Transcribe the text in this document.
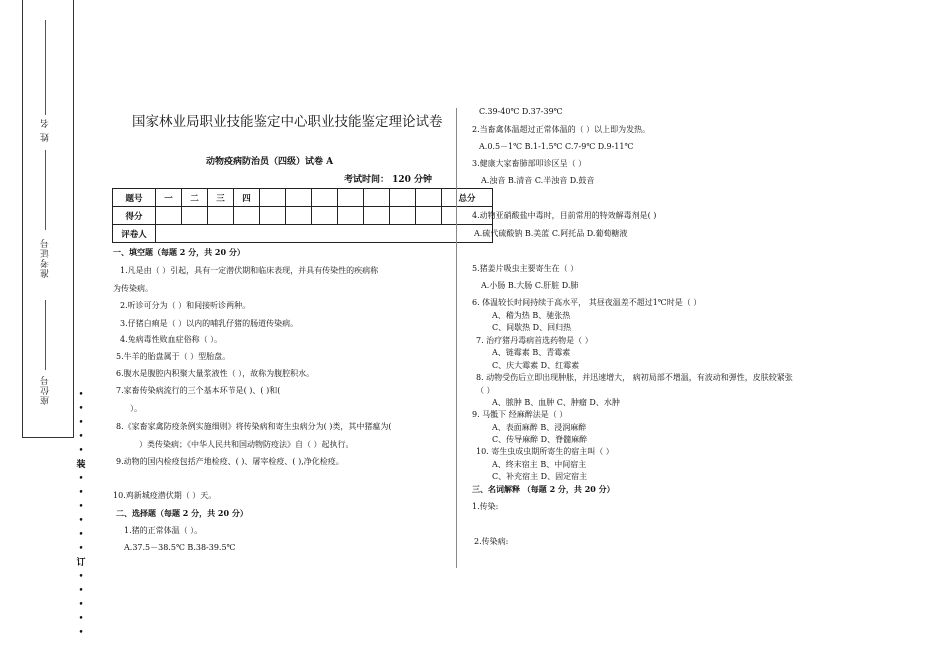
姓 名
准考证号
座位号	•
•
•
•
•
装
•
•
•
•
•
•
订
•
•
•
•
•
国家林业局职业技能鉴定中心职业技能鉴定理论试卷
动物疫病防治员（四级）试卷 A
考试时间： 120 分钟
题号	一	二	三	四								总分
得分												
评卷人												
一、填空题（每题 2 分，共 20 分）
1.凡是由（ ）引起，具有一定潜伏期和临床表现，并具有传染性的疾病称
为传染病。
2.听诊可分为（ ）和间接听诊两种。
3.仔猪白痢是（ ）以内的哺乳仔猪的肠道传染病。
4.兔病毒性败血症俗称（ ）。
5.牛羊的胎盘属于（ ）型胎盘。
6.腹水是腹腔内积聚大量浆液性（ ），故称为腹腔积水。
7.家畜传染病流行的三个基本环节是( )、( )和(
）。
8.《家畜家禽防疫条例实施细则》将传染病和寄生虫病分为( )类，其中猪瘟为(
）类传染病；《中华人民共和国动物防疫法》自（ ）起执行。
9.动物的国内检疫包括产地检疫、( )、屠宰检疫、( ),净化检疫。
10.鸡新城疫潜伏期（ ）天。
二、选择题（每题 2 分，共 20 分）
1.猪的正常体温（ ）。
A.37.5－38.5℃ B.38-39.5℃
C.39-40℃ D.37-39℃
2.当畜禽体温超过正常体温的（ ）以上即为发热。
A.0.5－1℃ B.1-1.5℃ C.7-9℃ D.9-11℃
3.健康大家畜肺部叩诊区呈（ ）
A.浊音 B.清音 C.半浊音 D.鼓音
4.动物亚硝酸盐中毒时，目前常用的特效解毒剂是( )
A.硫代硫酸钠 B.美蓝 C.阿托品 D.葡萄糖液
5.猪姜片吸虫主要寄生在（ ）
A.小肠 B.大肠 C.肝脏 D.肺
6. 体温较长时间持续于高水平， 其昼夜温差不超过1℃时是（ ）
A、稽为热 B、驰张热
C、间歇热 D、回归热
7. 治疗猪丹毒病首选药物是（ ）
A、链霉素 B、青霉素
C、庆大霉素 D、红霉素
8. 动物受伤后立即出现肿胀，并迅速增大， 病初局部不增温，有波动和弹性，皮肤较紧张
（ ）
A、脓肿 B、血肿 C、肿瘤 D、水肿
9. 马骶下 经麻醉法是（ ）
A、表面麻醉 B、浸润麻醉
C、传导麻醉 D、脊髓麻醉
10. 寄生虫成虫期所寄生的宿主叫（ ）
A、终末宿主 B、中间宿主
C、补充宿主 D、固定宿主
三、名词解释 （每题 2 分，共 20 分）
1.传染:
2.传染病:
